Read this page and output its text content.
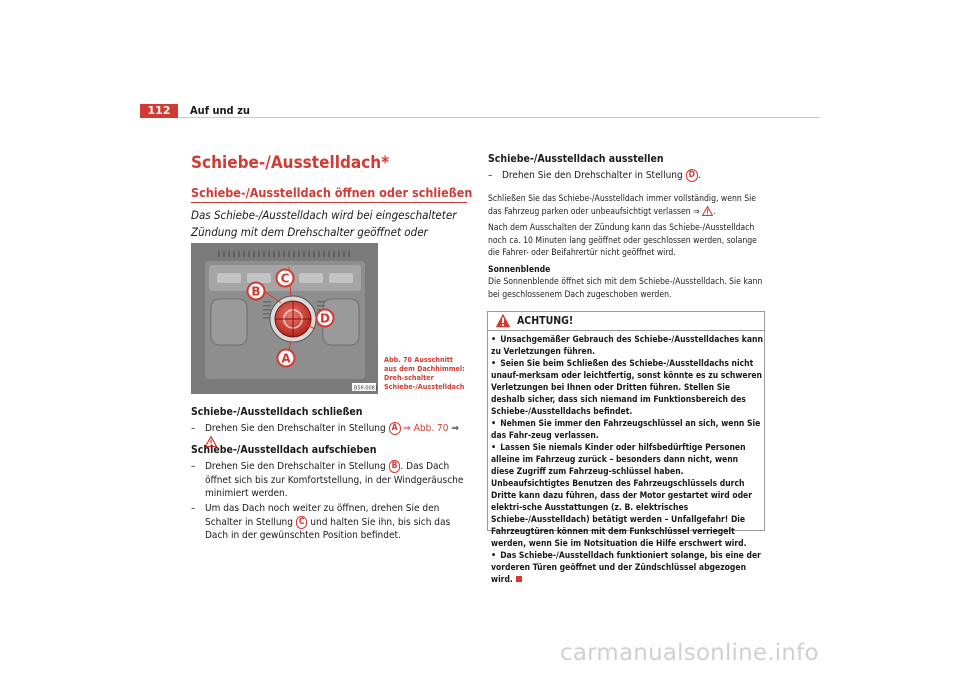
112	Auf und zu
Schiebe-/Ausstelldach*
Schiebe-/Ausstelldach öffnen oder schließen
Das Schiebe-/Ausstelldach wird bei eingeschalteter Zündung mit dem Drehschalter geöffnet oder
B5P-0081
C
B
D
A	Abb. 70 Ausschnitt aus dem Dachhimmel: Dreh-schalter Schiebe-/Ausstelldach
Schiebe-/Ausstelldach schließen
– Drehen Sie den Drehschalter in Stellung A ⇒ Abb. 70 ⇒
Schiebe-/Ausstelldach aufschieben
– Drehen Sie den Drehschalter in Stellung B . Das Dach öffnet sich bis zur Komfortstellung, in der Windgeräusche minimiert werden.
– Um das Dach noch weiter zu öffnen, drehen Sie den Schalter in Stellung C und halten Sie ihn, bis sich das Dach in der gewünschten Position befindet.
Schiebe-/Ausstelldach ausstellen
– Drehen Sie den Drehschalter in Stellung D .
Schließen Sie das Schiebe-/Ausstelldach immer vollständig, wenn Sie das Fahrzeug parken oder unbeaufsichtigt verlassen ⇒ .
Nach dem Ausschalten der Zündung kann das Schiebe-/Ausstelldach noch ca. 10 Minuten lang geöffnet oder geschlossen werden, solange die Fahrer- oder Beifahrertür nicht geöffnet wird.
Sonnenblende
Die Sonnenblende öffnet sich mit dem Schiebe-/Ausstelldach. Sie kann bei geschlossenem Dach zugeschoben werden.
ACHTUNG!

• Unsachgemäßer Gebrauch des Schiebe-/Ausstelldaches kann zu Verletzungen führen.

• Seien Sie beim Schließen des Schiebe-/Ausstelldachs nicht unauf-merksam oder leichtfertig, sonst könnte es zu schweren Verletzungen bei Ihnen oder Dritten führen. Stellen Sie deshalb sicher, dass sich niemand im Funktionsbereich des Schiebe-/Ausstelldachs befindet.

• Nehmen Sie immer den Fahrzeugschlüssel an sich, wenn Sie das Fahr-zeug verlassen.

• Lassen Sie niemals Kinder oder hilfsbedürftige Personen alleine im Fahrzeug zurück – besonders dann nicht, wenn diese Zugriff zum Fahrzeug-schlüssel haben. Unbeaufsichtigtes Benutzen des Fahrzeugschlüssels durch Dritte kann dazu führen, dass der Motor gestartet wird oder elektri-sche Ausstattungen (z. B. elektrisches Schiebe-/Ausstelldach) betätigt werden – Unfallgefahr! Die Fahrzeugtüren können mit dem Funkschlüssel verriegelt werden, wenn Sie im Notsituation die Hilfe erschwert wird.

• Das Schiebe-/Ausstelldach funktioniert solange, bis eine der vorderen Türen geöffnet und der Zündschlüssel abgezogen wird.

carmanualsonline.info
